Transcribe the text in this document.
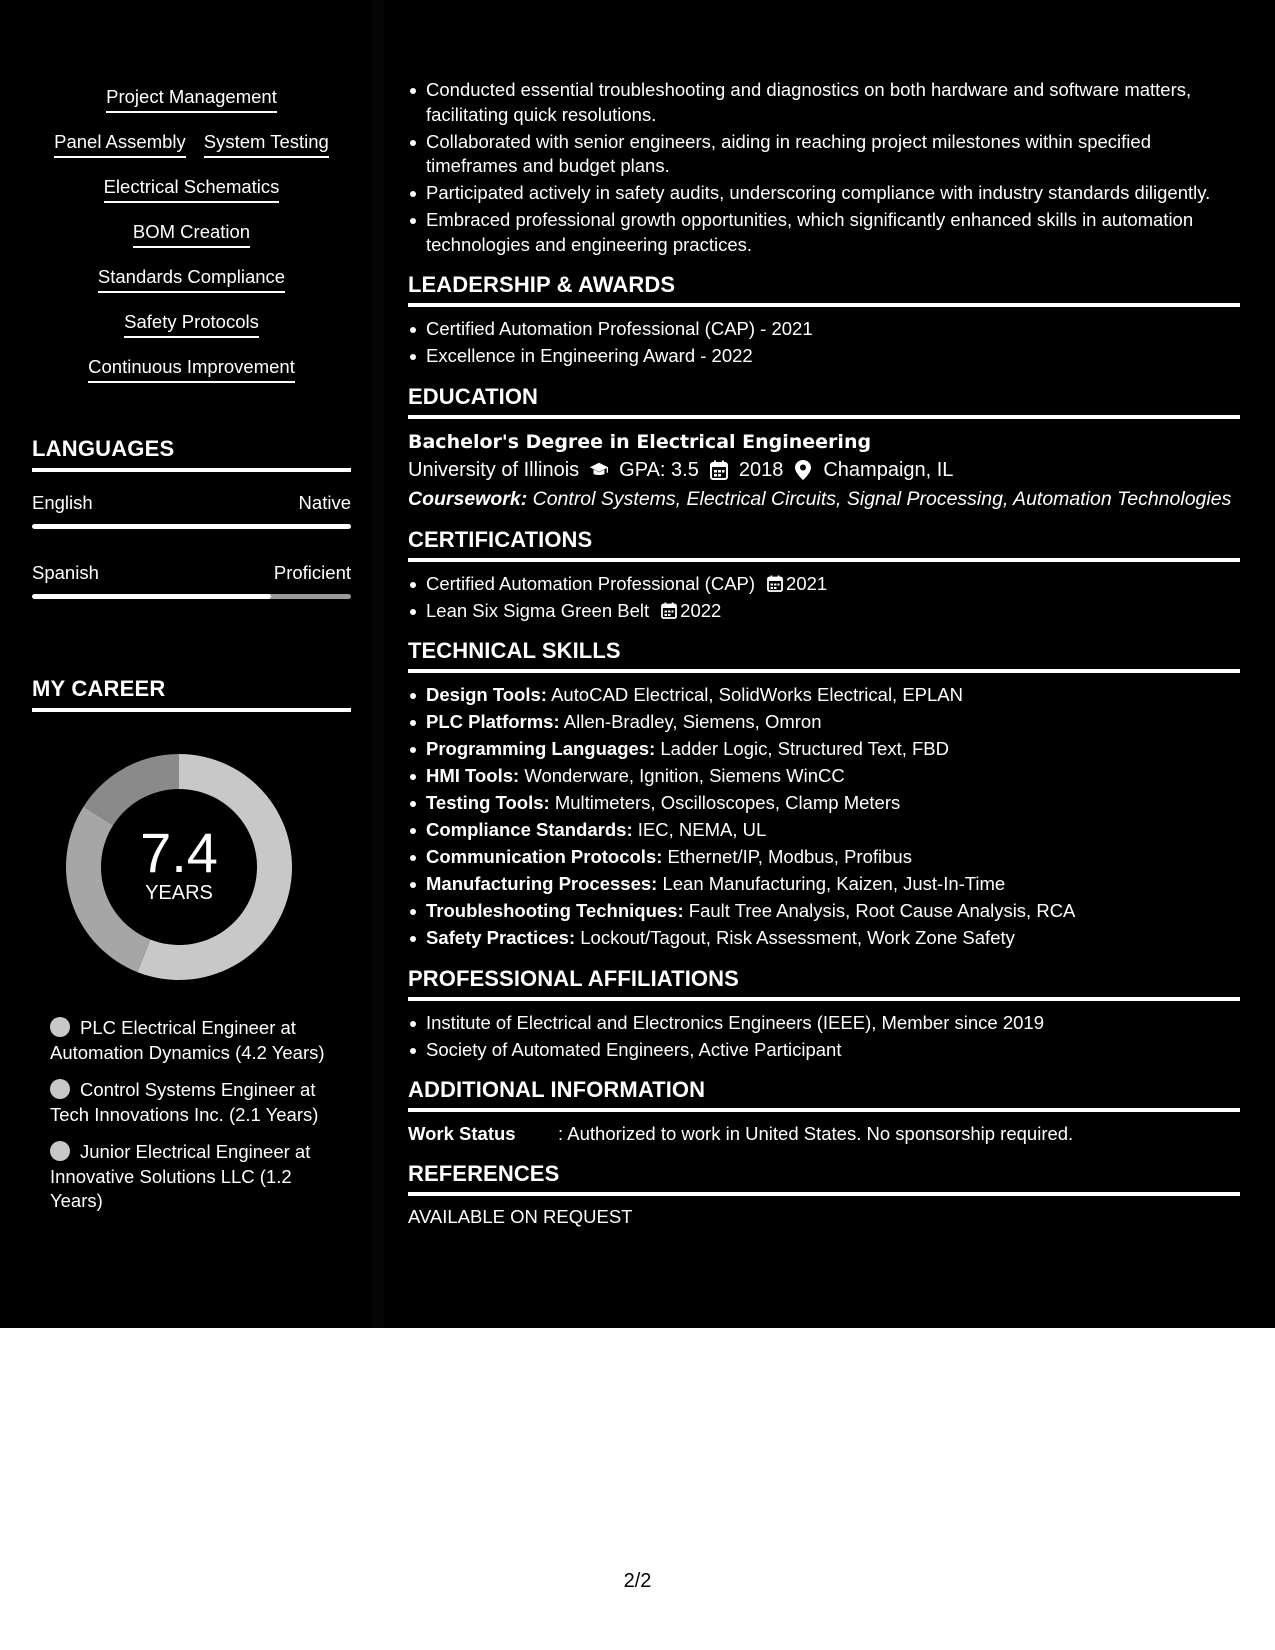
Project Management
Panel Assembly System Testing
Electrical Schematics
BOM Creation
Standards Compliance
Safety Protocols
Continuous Improvement
LANGUAGES
English	Native
Spanish	Proficient
MY CAREER
7.4
YEARS
PLC Electrical Engineer at Automation Dynamics (4.2 Years)
Control Systems Engineer at Tech Innovations Inc. (2.1 Years)
Junior Electrical Engineer at Innovative Solutions LLC (1.2 Years)
Conducted essential troubleshooting and diagnostics on both hardware and software matters, facilitating quick resolutions.
Collaborated with senior engineers, aiding in reaching project milestones within specified timeframes and budget plans.
Participated actively in safety audits, underscoring compliance with industry standards diligently.
Embraced professional growth opportunities, which significantly enhanced skills in automation technologies and engineering practices.
LEADERSHIP & AWARDS
Certified Automation Professional (CAP) - 2021
Excellence in Engineering Award - 2022
EDUCATION
Bachelor's Degree in Electrical Engineering
University of Illinois GPA: 3.5 2018 Champaign, IL
Coursework: Control Systems, Electrical Circuits, Signal Processing, Automation Technologies
CERTIFICATIONS
Certified Automation Professional (CAP) 2021
Lean Six Sigma Green Belt 2022
TECHNICAL SKILLS
Design Tools: AutoCAD Electrical, SolidWorks Electrical, EPLAN
PLC Platforms: Allen-Bradley, Siemens, Omron
Programming Languages: Ladder Logic, Structured Text, FBD
HMI Tools: Wonderware, Ignition, Siemens WinCC
Testing Tools: Multimeters, Oscilloscopes, Clamp Meters
Compliance Standards: IEC, NEMA, UL
Communication Protocols: Ethernet/IP, Modbus, Profibus
Manufacturing Processes: Lean Manufacturing, Kaizen, Just-In-Time
Troubleshooting Techniques: Fault Tree Analysis, Root Cause Analysis, RCA
Safety Practices: Lockout/Tagout, Risk Assessment, Work Zone Safety
PROFESSIONAL AFFILIATIONS
Institute of Electrical and Electronics Engineers (IEEE), Member since 2019
Society of Automated Engineers, Active Participant
ADDITIONAL INFORMATION
Work Status	: Authorized to work in United States. No sponsorship required.
REFERENCES
AVAILABLE ON REQUEST
2/2
